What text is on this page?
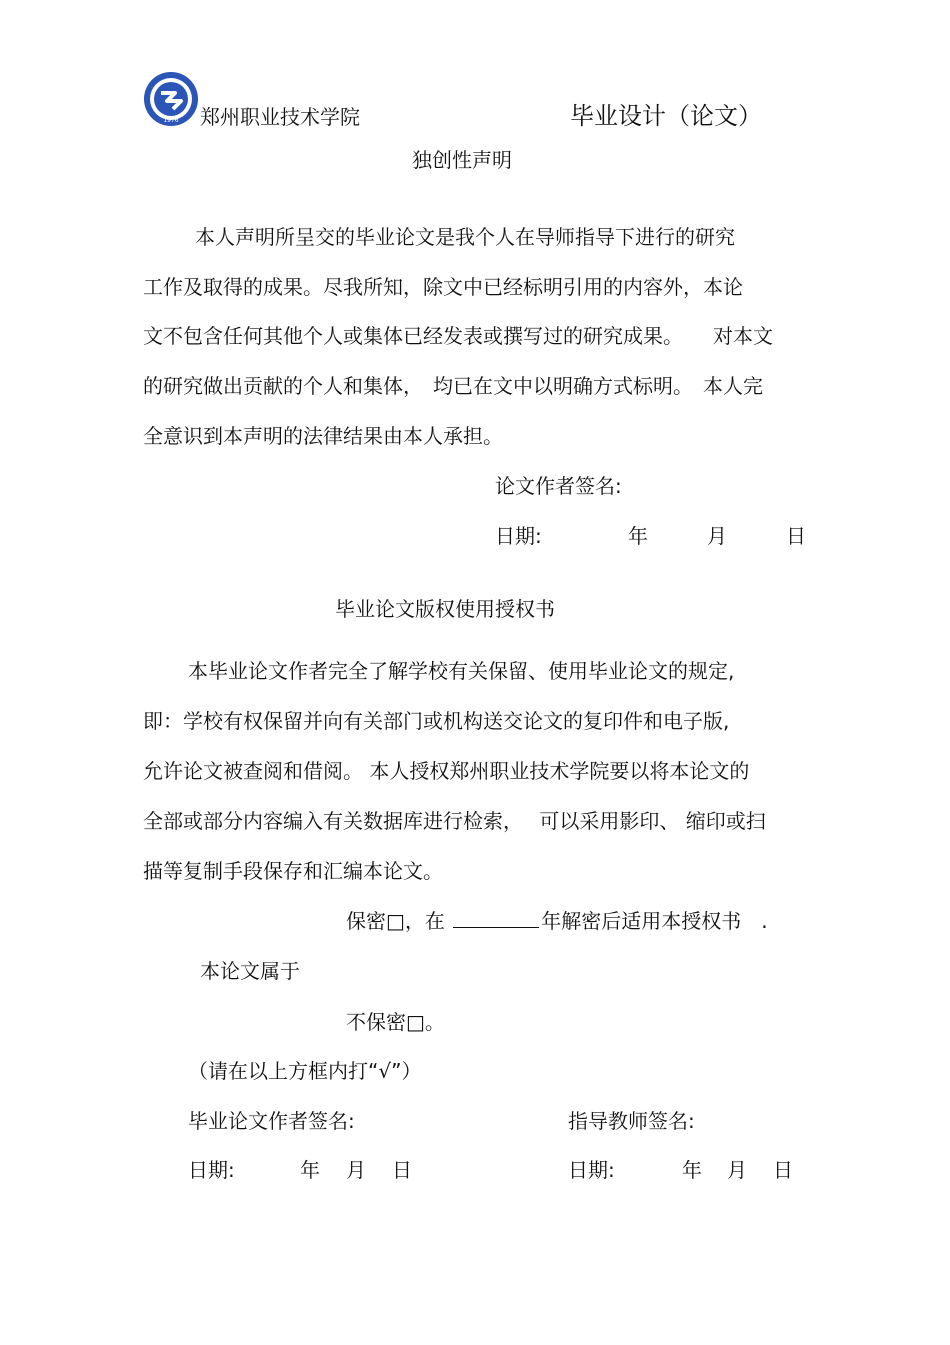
1976 郑州职业技术学院	毕业设计（论文）
独创性声明
本人声明所呈交的毕业论文是我个人在导师指导下进行的研究
工作及取得的成果。尽我所知，除文中已经标明引用的内容外，本论
文不包含任何其他个人或集体已经发表或撰写过的研究成果。　　对本文
的研究做出贡献的个人和集体，　均已在文中以明确方式标明。　本人完
全意识到本声明的法律结果由本人承担。
论文作者签名:
日期:	年	月	日
毕业论文版权使用授权书
本毕业论文作者完全了解学校有关保留、使用毕业论文的规定,
即：学校有权保留并向有关部门或机构送交论文的复印件和电子版,
允许论文被查阅和借阅。 本人授权郑州职业技术学院要以将本论文的
全部或部分内容编入有关数据库进行检索，　 可以采用影印、 缩印或扫
描等复制手段保存和汇编本论文。
保密□，在	年解密后适用本授权书　.
本论文属于
不保密□。
（请在以上方框内打“√”）
毕业论文作者签名:	指导教师签名:
日期:	年 月 日	日期:	年 月 日
